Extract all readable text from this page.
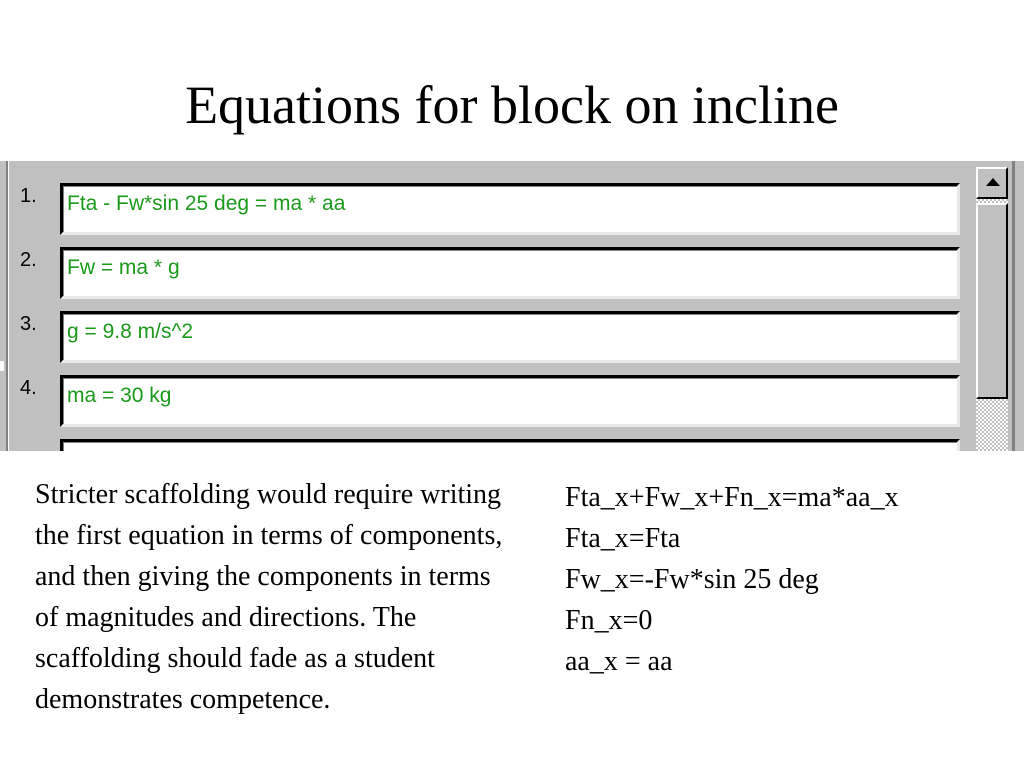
Equations for block on incline
1.	Fta - Fw*sin 25 deg = ma * aa
2.	Fw = ma * g
3.	g = 9.8 m/s^2
4.	ma = 30 kg

Stricter scaffolding would require writing the first equation in terms of components, and then giving the components in terms of magnitudes and directions. The scaffolding should fade as a student demonstrates competence.

Fta_x+Fw_x+Fn_x=ma*aa_x
Fta_x=Fta
Fw_x=-Fw*sin 25 deg
Fn_x=0
aa_x = aa
